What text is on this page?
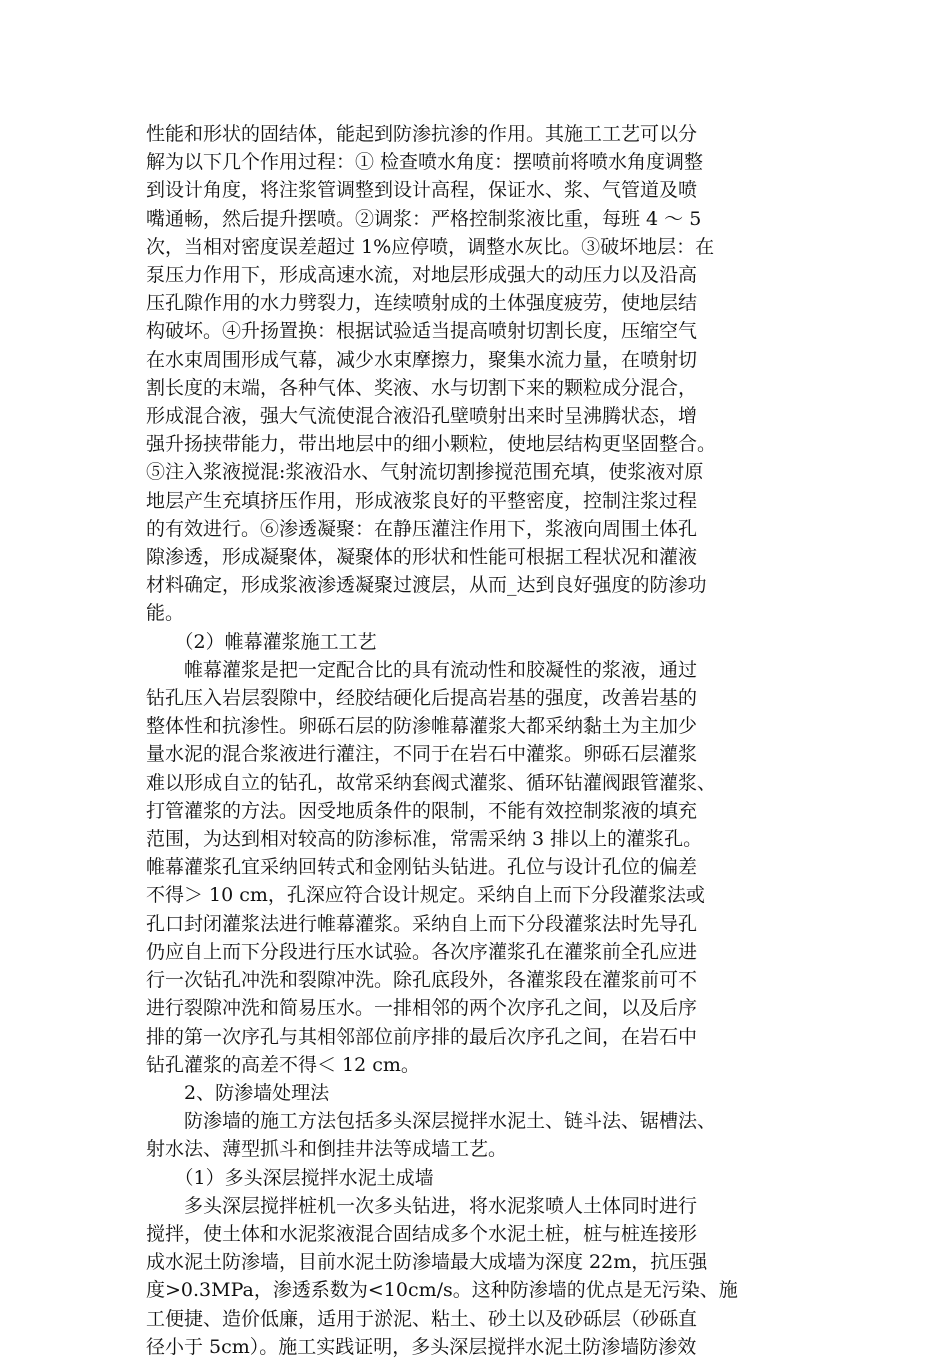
性能和形状的固结体，能起到防渗抗渗的作用。其施工工艺可以分
解为以下几个作用过程：① 检查喷水角度：摆喷前将喷水角度调整
到设计角度，将注浆管调整到设计高程，保证水、浆、气管道及喷
嘴通畅，然后提升摆喷。②调浆：严格控制浆液比重，每班 4 ～ 5
次，当相对密度误差超过 1%应停喷，调整水灰比。③破坏地层：在
泵压力作用下，形成高速水流，对地层形成强大的动压力以及沿高
压孔隙作用的水力劈裂力，连续喷射成的土体强度疲劳，使地层结
构破坏。④升扬置换：根据试验适当提高喷射切割长度，压缩空气
在水束周围形成气幕，减少水束摩擦力，聚集水流力量，在喷射切
割长度的末端，各种气体、奖液、水与切割下来的颗粒成分混合，
形成混合液，强大气流使混合液沿孔壁喷射出来时呈沸腾状态，增
强升扬挟带能力，带出地层中的细小颗粒，使地层结构更坚固整合。
⑤注入浆液搅混:浆液沿水、气射流切割掺搅范围充填，使浆液对原
地层产生充填挤压作用，形成液浆良好的平整密度，控制注浆过程
的有效进行。⑥渗透凝聚：在静压灌注作用下，浆液向周围土体孔
隙渗透，形成凝聚体，凝聚体的形状和性能可根据工程状况和灌液
材料确定，形成浆液渗透凝聚过渡层，从而_达到良好强度的防渗功
能。
　　（2）帷幕灌浆施工工艺
　　帷幕灌浆是把一定配合比的具有流动性和胶凝性的浆液，通过
钻孔压入岩层裂隙中，经胶结硬化后提高岩基的强度，改善岩基的
整体性和抗渗性。卵砾石层的防渗帷幕灌浆大都采纳黏土为主加少
量水泥的混合浆液进行灌注，不同于在岩石中灌浆。卵砾石层灌浆
难以形成自立的钻孔，故常采纳套阀式灌浆、循环钻灌阀跟管灌浆、
打管灌浆的方法。因受地质条件的限制，不能有效控制浆液的填充
范围，为达到相对较高的防渗标准，常需采纳 3 排以上的灌浆孔。
帷幕灌浆孔宜采纳回转式和金刚钻头钻进。孔位与设计孔位的偏差
不得＞ 10 cm，孔深应符合设计规定。采纳自上而下分段灌浆法或
孔口封闭灌浆法进行帷幕灌浆。采纳自上而下分段灌浆法时先导孔
仍应自上而下分段进行压水试验。各次序灌浆孔在灌浆前全孔应进
行一次钻孔冲洗和裂隙冲洗。除孔底段外，各灌浆段在灌浆前可不
进行裂隙冲洗和简易压水。一排相邻的两个次序孔之间，以及后序
排的第一次序孔与其相邻部位前序排的最后次序孔之间，在岩石中
钻孔灌浆的高差不得＜ 12 cm。
　　2、防渗墙处理法
　　防渗墙的施工方法包括多头深层搅拌水泥土、链斗法、锯槽法、
射水法、薄型抓斗和倒挂井法等成墙工艺。
　　（1）多头深层搅拌水泥土成墙
　　多头深层搅拌桩机一次多头钻进，将水泥浆喷人土体同时进行
搅拌，使土体和水泥浆液混合固结成多个水泥土桩，桩与桩连接形
成水泥土防渗墙，目前水泥土防渗墙最大成墙为深度 22m，抗压强
度>0.3MPa，渗透系数为<10cm/s。这种防渗墙的优点是无污染、施
工便捷、造价低廉，适用于淤泥、粘土、砂土以及砂砾层（砂砾直
径小于 5cm）。施工实践证明，多头深层搅拌水泥土防渗墙防渗效
